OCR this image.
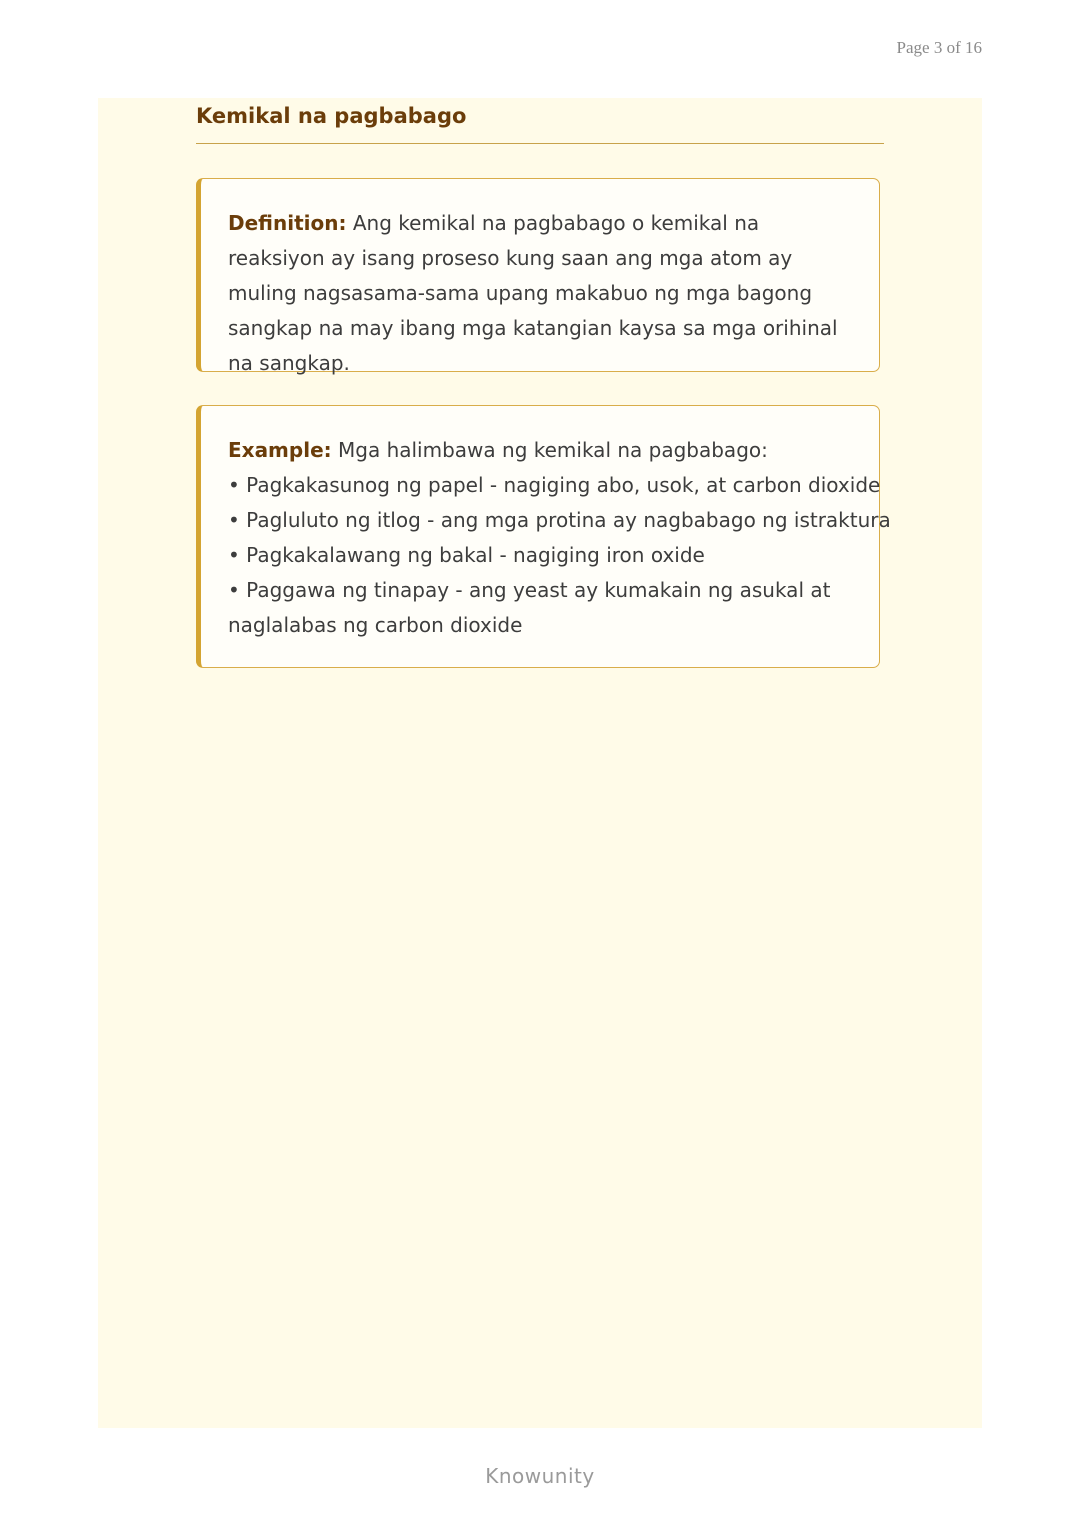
Page 3 of 16
Kemikal na pagbabago
Definition: Ang kemikal na pagbabago o kemikal na reaksiyon ay isang proseso kung saan ang mga atom ay muling nagsasama-sama upang makabuo ng mga bagong sangkap na may ibang mga katangian kaysa sa mga orihinal na sangkap.
Example: Mga halimbawa ng kemikal na pagbabago:
• Pagkakasunog ng papel - nagiging abo, usok, at carbon dioxide
• Pagluluto ng itlog - ang mga protina ay nagbabago ng istraktura
• Pagkakalawang ng bakal - nagiging iron oxide
• Paggawa ng tinapay - ang yeast ay kumakain ng asukal at
naglalabas ng carbon dioxide
Knowunity
